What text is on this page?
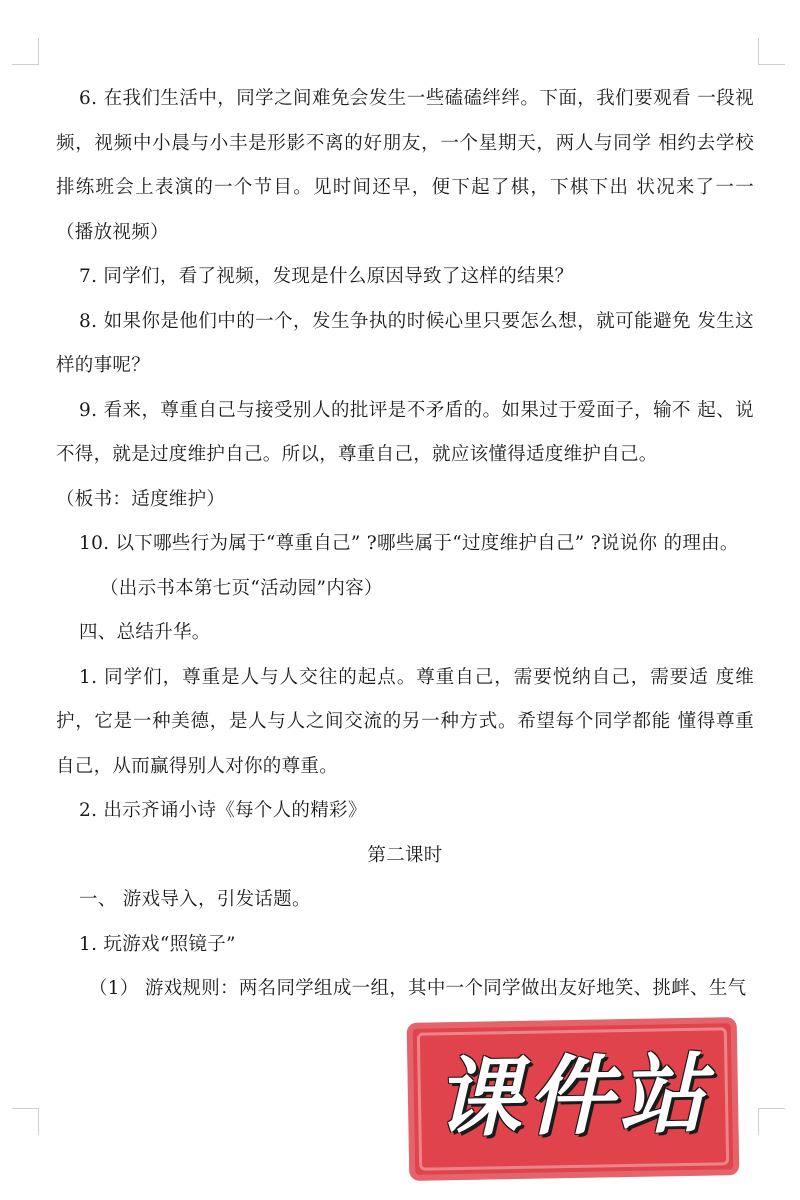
6. 在我们生活中，同学之间难免会发生一些磕磕绊绊。下面，我们要观看 一段视频，视频中小晨与小丰是形影不离的好朋友，一个星期天，两人与同学 相约去学校排练班会上表演的一个节目。见时间还早，便下起了棋，下棋下出 状况来了一一（播放视频）

7. 同学们，看了视频，发现是什么原因导致了这样的结果？

8. 如果你是他们中的一个，发生争执的时候心里只要怎么想，就可能避免 发生这样的事呢？

9. 看来，尊重自己与接受别人的批评是不矛盾的。如果过于爱面子，输不 起、说不得，就是过度维护自己。所以，尊重自己，就应该懂得适度维护自己。

（板书：适度维护）

10. 以下哪些行为属于“尊重自己” ?哪些属于“过度维护自己” ?说说你 的理由。

（出示书本第七页“活动园”内容）

四、总结升华。

1. 同学们，尊重是人与人交往的起点。尊重自己，需要悦纳自己，需要适 度维护，它是一种美德，是人与人之间交流的另一种方式。希望每个同学都能 懂得尊重自己，从而赢得别人对你的尊重。

2. 出示齐诵小诗《每个人的精彩》

第二课时

一、 游戏导入，引发话题。

1. 玩游戏“照镜子”

（1） 游戏规则：两名同学组成一组，其中一个同学做出友好地笑、挑衅、生气

课件站
